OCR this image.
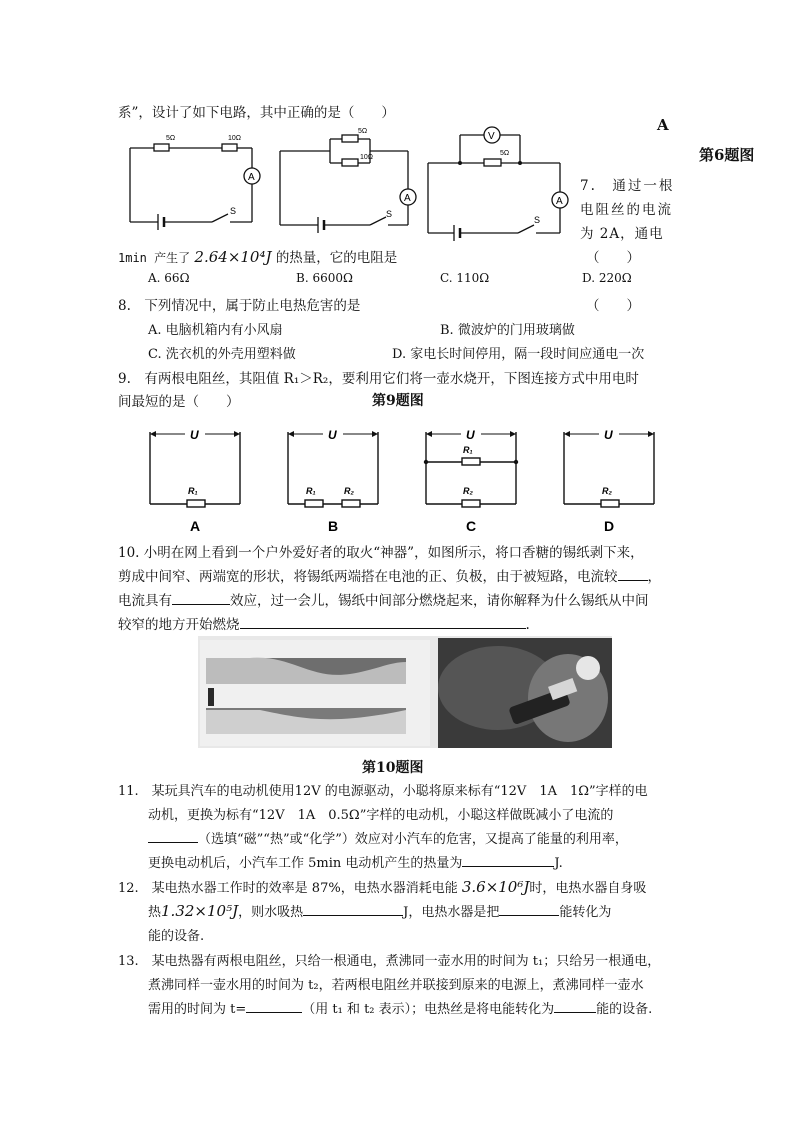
系”，设计了如下电路，其中正确的是（　　）
A
第6题图
5Ω	10Ω
A
S
5Ω
10Ω
A
S
V
5Ω
A
S
7.　通过一根
电阻丝的电流
为 2A，通电
1min 产生了 2.64×10⁴J 的热量，它的电阻是	（　　）
A. 66Ω	B. 6600Ω	C. 110Ω	D. 220Ω
8.　下列情况中，属于防止电热危害的是	（　　）
A. 电脑机箱内有小风扇	B. 微波炉的门用玻璃做
C. 洗衣机的外壳用塑料做	D. 家电长时间停用，隔一段时间应通电一次
9.　有两根电阻丝，其阻值 R₁＞R₂，要利用它们将一壶水烧开，下图连接方式中用电时
间最短的是（　　）	第9题图
U	U	U	U
R₁	R₁	R₂
R₁
R₂	R₂
A	B	C	D
10. 小明在网上看到一个户外爱好者的取火“神器”，如图所示，将口香糖的锡纸剥下来，
剪成中间窄、两端宽的形状，将锡纸两端搭在电池的正、负极，由于被短路，电流较 ，
电流具有	效应，过一会儿，锡纸中间部分燃烧起来，请你解释为什么锡纸从中间
较窄的地方开始燃烧	.
第10题图
11.　某玩具汽车的电动机使用12V 的电源驱动，小聪将原来标有“12V　1A　1Ω”字样的电
动机，更换为标有“12V　1A　0.5Ω”字样的电动机，小聪这样做既减小了电流的
（选填“磁”“热”或“化学”）效应对小汽车的危害，又提高了能量的利用率，
更换电动机后，小汽车工作 5min 电动机产生的热量为	J.
12.　某电热水器工作时的效率是 87%，电热水器消耗电能 3.6×10⁶J时，电热水器自身吸
热1.32×10⁵J，则水吸热	J，电热水器是把	能转化为
能的设备.
13.　某电热器有两根电阻丝，只给一根通电，煮沸同一壶水用的时间为 t₁；只给另一根通电，
煮沸同样一壶水用的时间为 t₂，若两根电阻丝并联接到原来的电源上，煮沸同样一壶水
需用的时间为 t=	（用 t₁ 和 t₂ 表示）；电热丝是将电能转化为	能的设备.
